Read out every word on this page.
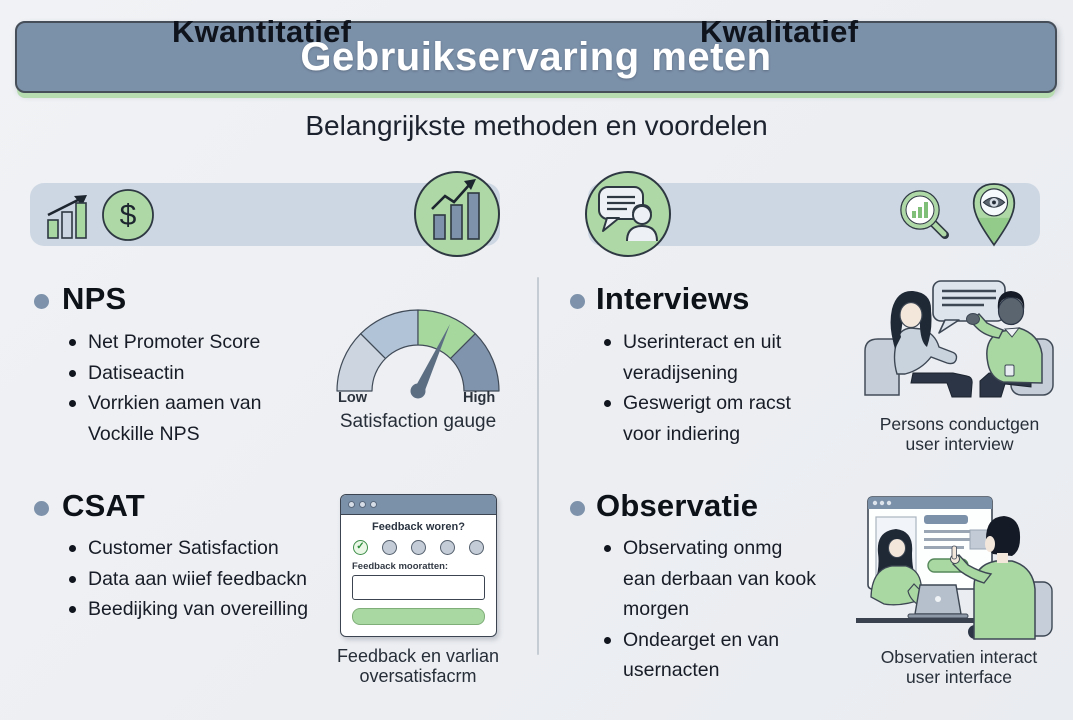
Gebruikservaring meten
Belangrijkste methoden en voordelen
$
Kwantitatief	Kwalitatief
NPS
Net Promoter Score
Datiseactin
Vorrkien aamen van Vockille NPS
Low	High
Satisfaction gauge
CSAT
Customer Satisfaction
Data aan wiief feedbackn
Beedijking van overeilling
Feedback woren?
✓
Feedback mooratten:
Feedback en varlian oversatisfacrm
Interviews
Userinteract en uit veradijsening
Geswerigt om racst voor indiering	Persons conductgen user interview
Observatie
Observating onmg ean derbaan van kook morgen
Ondearget en van usernacten
Observatien interact user interface
